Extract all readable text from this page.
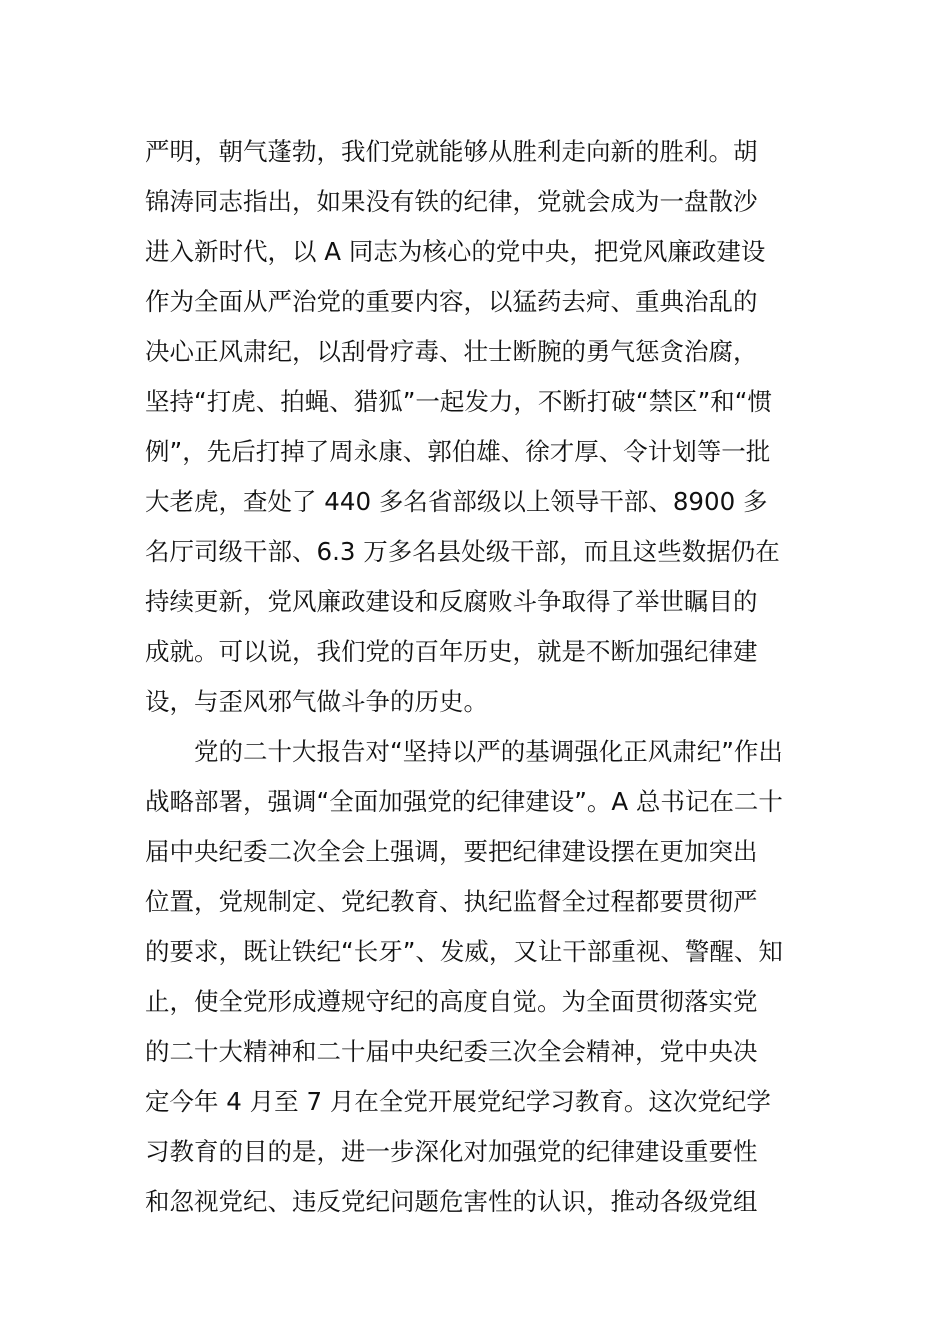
严明，朝气蓬勃，我们党就能够从胜利走向新的胜利。胡
锦涛同志指出，如果没有铁的纪律，党就会成为一盘散沙
进入新时代，以 A 同志为核心的党中央，把党风廉政建设
作为全面从严治党的重要内容，以猛药去疴、重典治乱的
决心正风肃纪，以刮骨疗毒、壮士断腕的勇气惩贪治腐，
坚持“打虎、拍蝇、猎狐”一起发力，不断打破“禁区”和“惯
例”，先后打掉了周永康、郭伯雄、徐才厚、令计划等一批
大老虎，查处了 440 多名省部级以上领导干部、8900 多
名厅司级干部、6.3 万多名县处级干部，而且这些数据仍在
持续更新，党风廉政建设和反腐败斗争取得了举世瞩目的
成就。可以说，我们党的百年历史，就是不断加强纪律建
设，与歪风邪气做斗争的历史。
　　党的二十大报告对“坚持以严的基调强化正风肃纪”作出
战略部署，强调“全面加强党的纪律建设”。A 总书记在二十
届中央纪委二次全会上强调，要把纪律建设摆在更加突出
位置，党规制定、党纪教育、执纪监督全过程都要贯彻严
的要求，既让铁纪“长牙”、发威，又让干部重视、警醒、知
止，使全党形成遵规守纪的高度自觉。为全面贯彻落实党
的二十大精神和二十届中央纪委三次全会精神，党中央决
定今年 4 月至 7 月在全党开展党纪学习教育。这次党纪学
习教育的目的是，进一步深化对加强党的纪律建设重要性
和忽视党纪、违反党纪问题危害性的认识，推动各级党组
